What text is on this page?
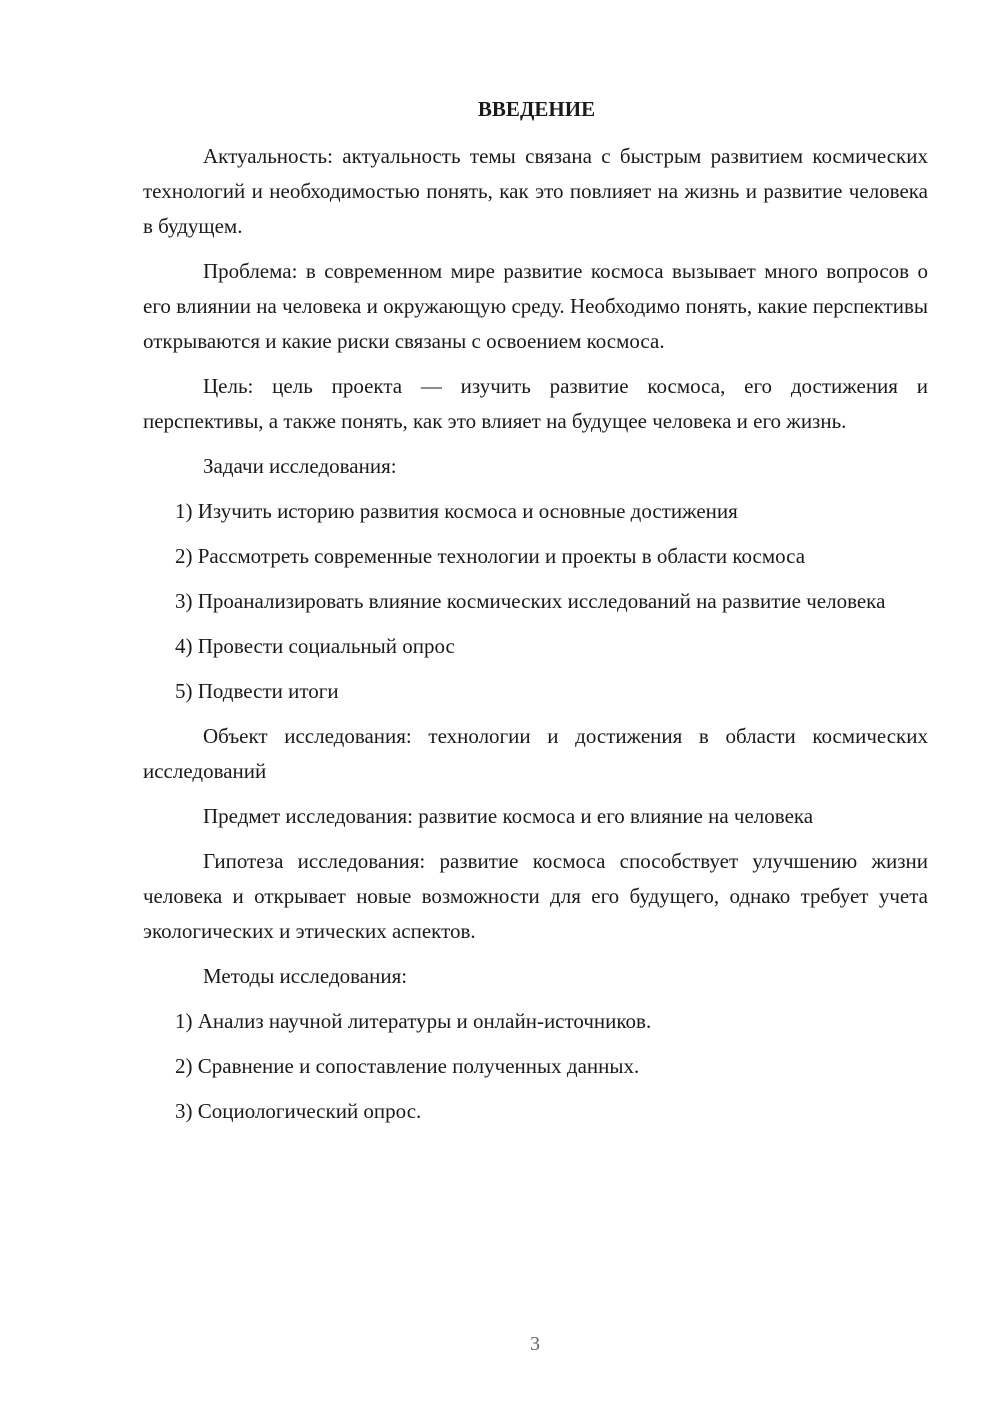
ВВЕДЕНИЕ

Актуальность: актуальность темы связана с быстрым развитием космических технологий и необходимостью понять, как это повлияет на жизнь и развитие человека в будущем.

Проблема: в современном мире развитие космоса вызывает много вопросов о его влиянии на человека и окружающую среду. Необходимо понять, какие перспективы открываются и какие риски связаны с освоением космоса.

Цель: цель проекта — изучить развитие космоса, его достижения и перспективы, а также понять, как это влияет на будущее человека и его жизнь.

Задачи исследования:

1) Изучить историю развития космоса и основные достижения

2) Рассмотреть современные технологии и проекты в области космоса

3) Проанализировать влияние космических исследований на развитие человека

4) Провести социальный опрос

5) Подвести итоги

Объект исследования: технологии и достижения в области космических исследований

Предмет исследования: развитие космоса и его влияние на человека

Гипотеза исследования: развитие космоса способствует улучшению жизни человека и открывает новые возможности для его будущего, однако требует учета экологических и этических аспектов.

Методы исследования:

1) Анализ научной литературы и онлайн-источников.

2) Сравнение и сопоставление полученных данных.

3) Социологический опрос.

3
